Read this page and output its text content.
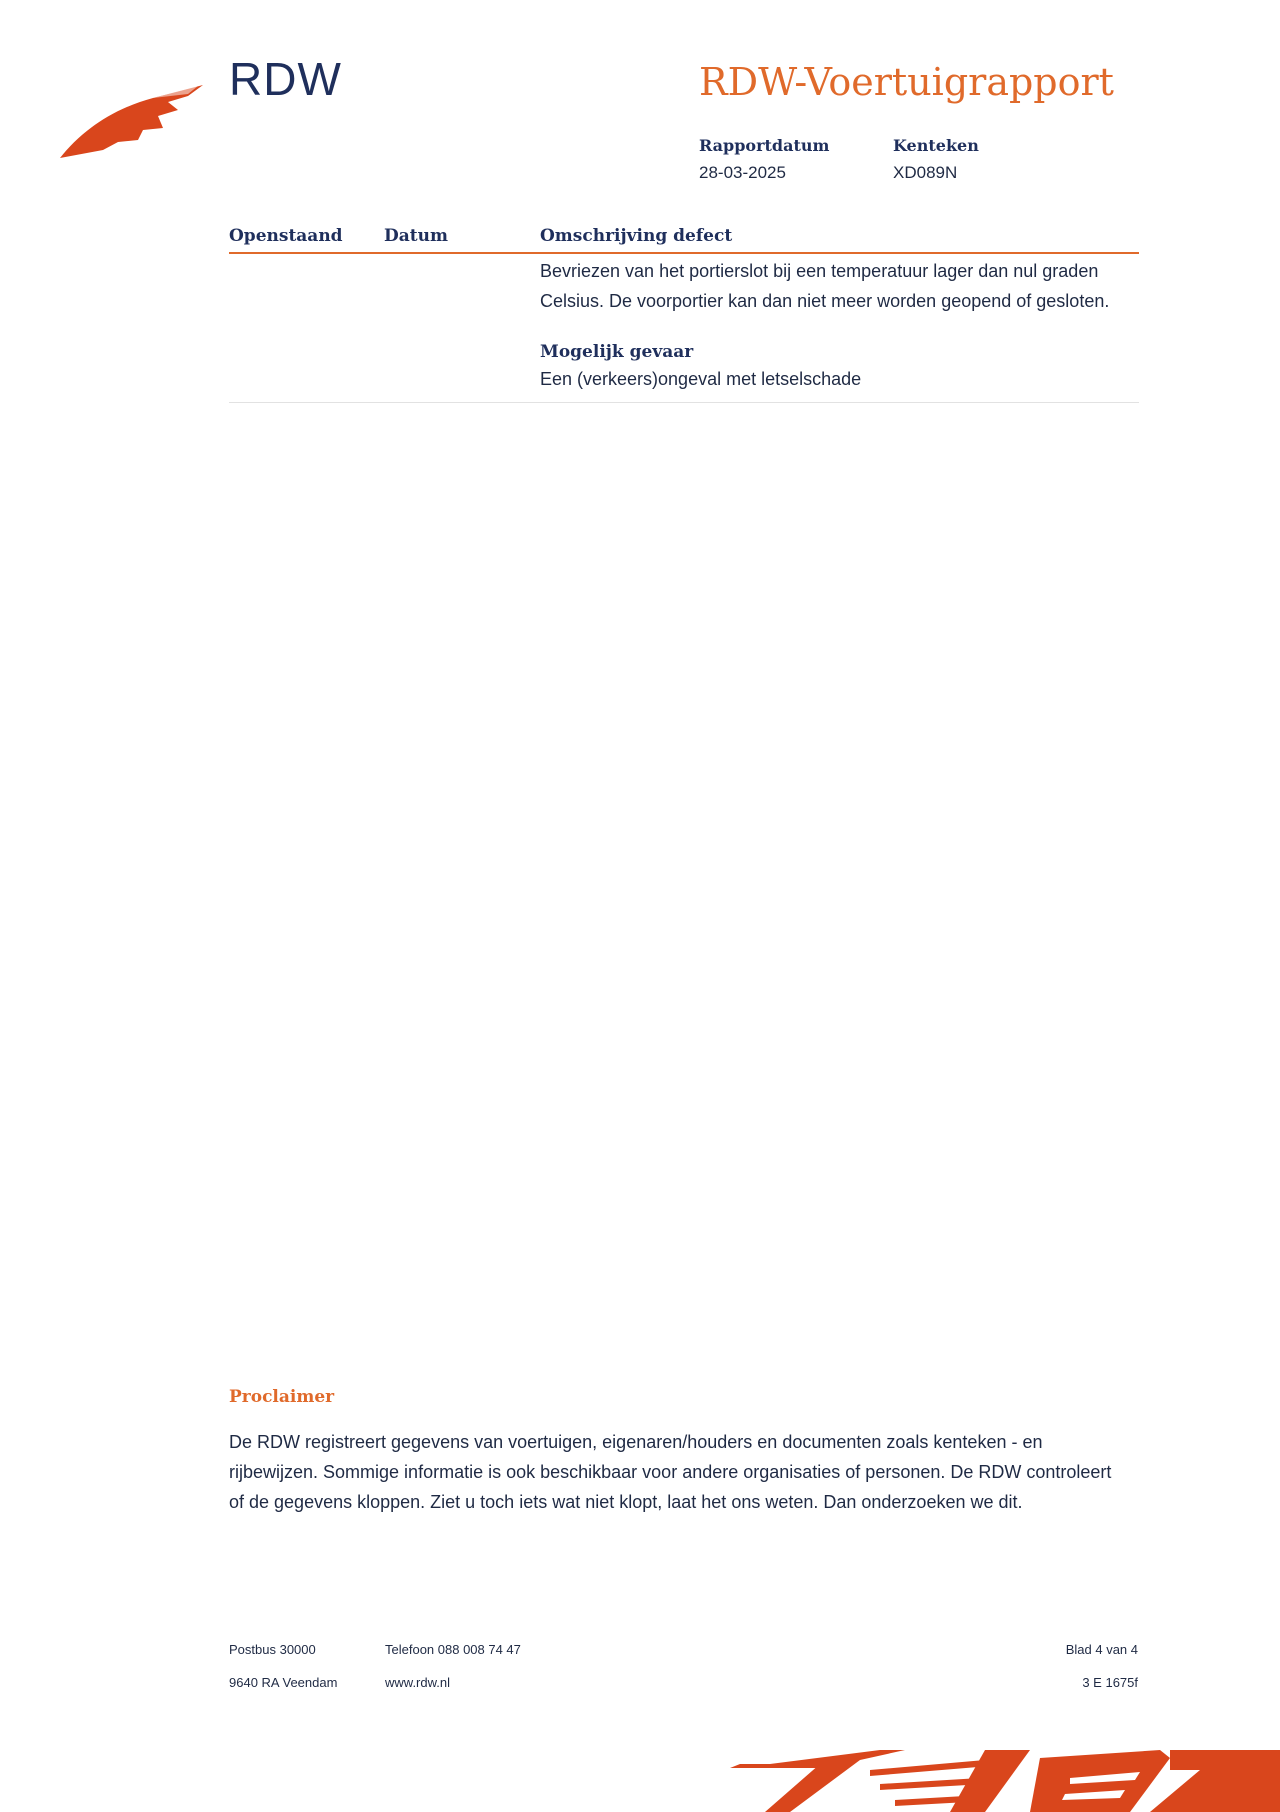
RDW	RDW-Voertuigrapport
Rapportdatum
28-03-2025
Kenteken
XD089N
Openstaand Datum	Omschrijving defect
Bevriezen van het portierslot bij een temperatuur lager dan nul graden Celsius. De voorportier kan dan niet meer worden geopend of gesloten.
Mogelijk gevaar
Een (verkeers)ongeval met letselschade
Proclaimer
De RDW registreert gegevens van voertuigen, eigenaren/houders en documenten zoals kenteken - en rijbewijzen. Sommige informatie is ook beschikbaar voor andere organisaties of personen. De RDW controleert of de gegevens kloppen. Ziet u toch iets wat niet klopt, laat het ons weten. Dan onderzoeken we dit.
Postbus 30000	Telefoon 088 008 74 47
9640 RA Veendam	www.rdw.nl
Blad 4 van 4
3 E 1675f
